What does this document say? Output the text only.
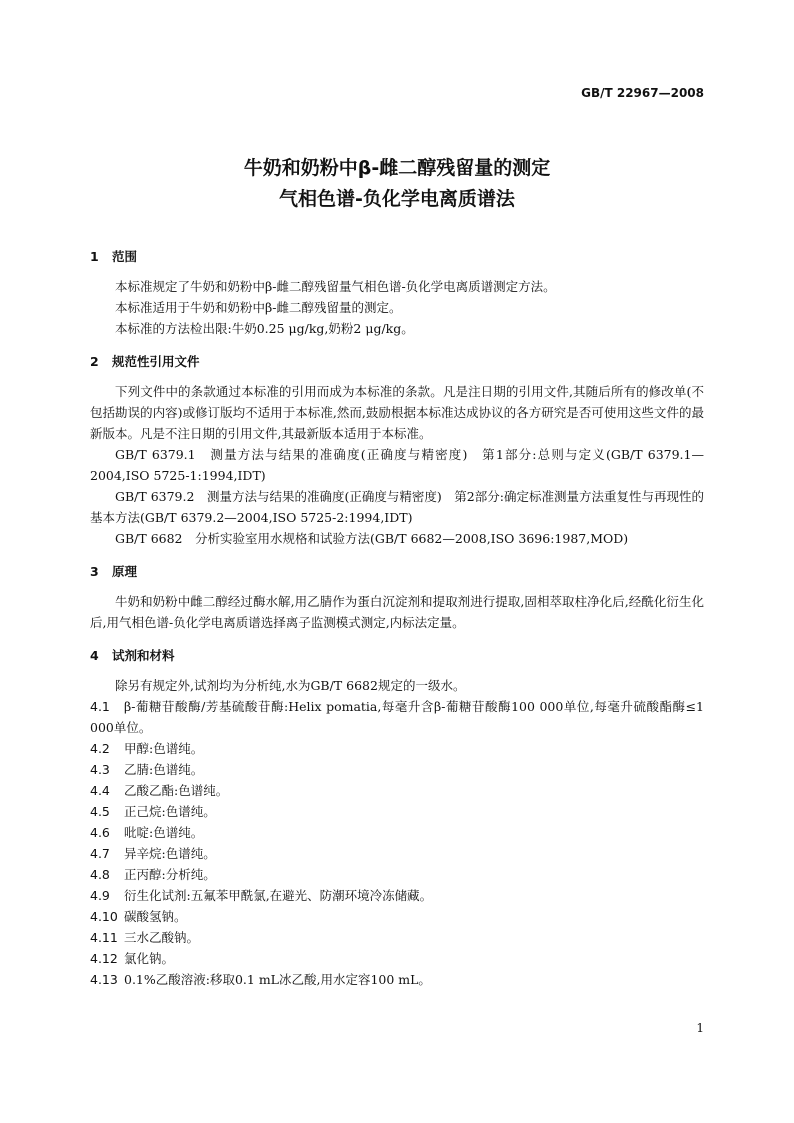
GB/T 22967—2008
牛奶和奶粉中β-雌二醇残留量的测定
气相色谱-负化学电离质谱法

1 范围

本标准规定了牛奶和奶粉中β-雌二醇残留量气相色谱-负化学电离质谱测定方法。

本标准适用于牛奶和奶粉中β-雌二醇残留量的测定。

本标准的方法检出限:牛奶0.25 μg/kg,奶粉2 μg/kg。

2 规范性引用文件

下列文件中的条款通过本标准的引用而成为本标准的条款。凡是注日期的引用文件,其随后所有的修改单(不包括勘误的内容)或修订版均不适用于本标准,然而,鼓励根据本标准达成协议的各方研究是否可使用这些文件的最新版本。凡是不注日期的引用文件,其最新版本适用于本标准。

GB/T 6379.1　测量方法与结果的准确度(正确度与精密度)　第1部分:总则与定义(GB/T 6379.1—2004,ISO 5725-1:1994,IDT)

GB/T 6379.2　测量方法与结果的准确度(正确度与精密度)　第2部分:确定标准测量方法重复性与再现性的基本方法(GB/T 6379.2—2004,ISO 5725-2:1994,IDT)

GB/T 6682　分析实验室用水规格和试验方法(GB/T 6682—2008,ISO 3696:1987,MOD)

3 原理

牛奶和奶粉中雌二醇经过酶水解,用乙腈作为蛋白沉淀剂和提取剂进行提取,固相萃取柱净化后,经酰化衍生化后,用气相色谱-负化学电离质谱选择离子监测模式测定,内标法定量。

4 试剂和材料

除另有规定外,试剂均为分析纯,水为GB/T 6682规定的一级水。

4.1 β-葡糖苷酸酶/芳基硫酸苷酶:Helix pomatia,每毫升含β-葡糖苷酸酶100 000单位,每毫升硫酸酯酶≤1 000单位。

4.2 甲醇:色谱纯。

4.3 乙腈:色谱纯。

4.4 乙酸乙酯:色谱纯。

4.5 正己烷:色谱纯。

4.6 吡啶:色谱纯。

4.7 异辛烷:色谱纯。

4.8 正丙醇:分析纯。

4.9 衍生化试剂:五氟苯甲酰氯,在避光、防潮环境冷冻储藏。

4.10 碳酸氢钠。

4.11 三水乙酸钠。

4.12 氯化钠。

4.13 0.1%乙酸溶液:移取0.1 mL冰乙酸,用水定容100 mL。

1
